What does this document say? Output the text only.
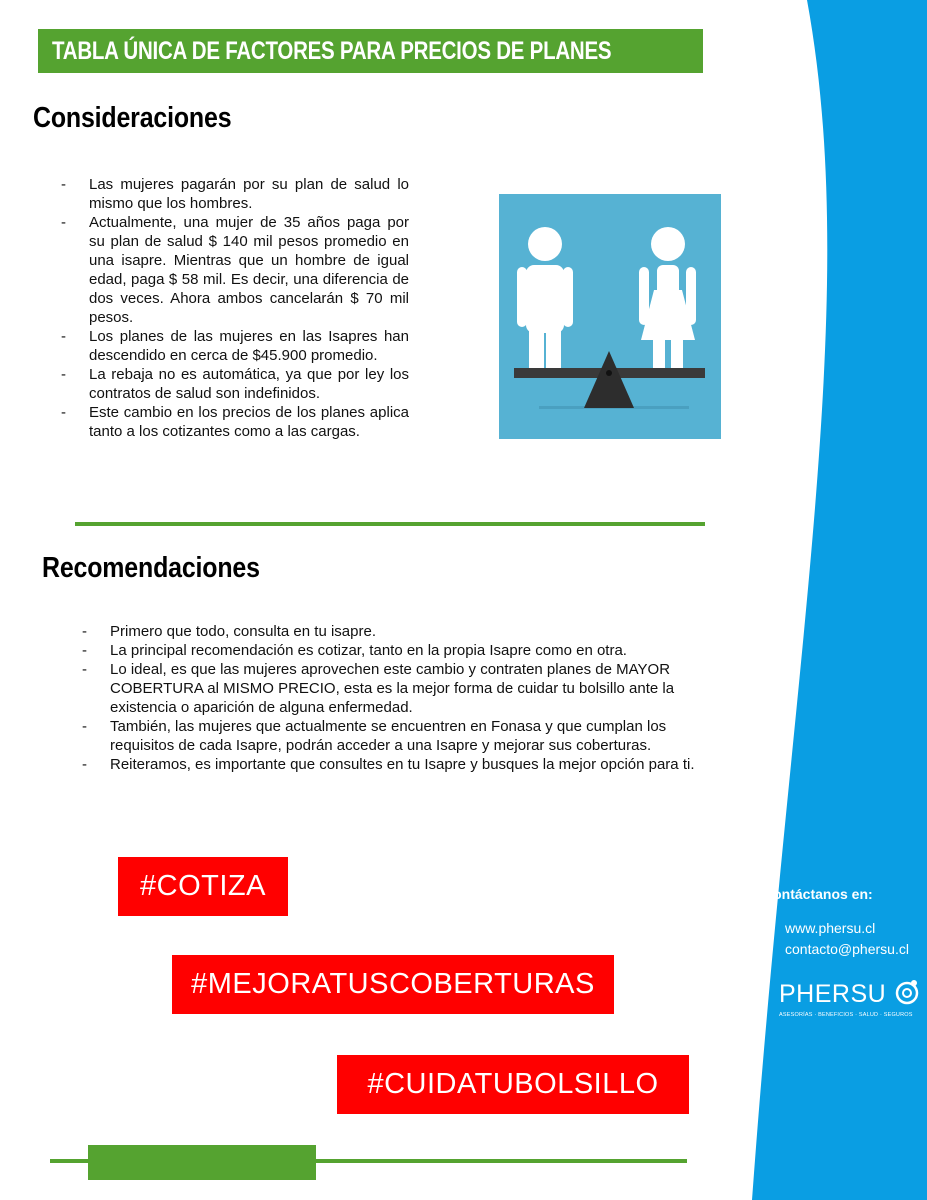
Contáctanos en:
www.phersu.cl
contacto@phersu.cl
PHERSU
ASESORÍAS · BENEFICIOS · SALUD · SEGUROS
TABLA ÚNICA DE FACTORES PARA PRECIOS DE PLANES
Consideraciones
- Las mujeres pagarán por su plan de salud lo mismo que los hombres.
- Actualmente, una mujer de 35 años paga por su plan de salud $ 140 mil pesos promedio en una isapre. Mientras que un hombre de igual edad, paga $ 58 mil. Es decir, una diferencia de dos veces. Ahora ambos cancelarán $ 70 mil pesos.
- Los planes de las mujeres en las Isapres han descendido en cerca de $45.900 promedio.
- La rebaja no es automática, ya que por ley los contratos de salud son indefinidos.
- Este cambio en los precios de los planes aplica tanto a los cotizantes como a las cargas.
Recomendaciones
- Primero que todo, consulta en tu isapre.
- La principal recomendación es cotizar, tanto en la propia Isapre como en otra.
- Lo ideal, es que las mujeres aprovechen este cambio y contraten planes de MAYOR COBERTURA al MISMO PRECIO, esta es la mejor forma de cuidar tu bolsillo ante la existencia o aparición de alguna enfermedad.
- También, las mujeres que actualmente se encuentren en Fonasa y que cumplan los requisitos de cada Isapre, podrán acceder a una Isapre y mejorar sus coberturas.
- Reiteramos, es importante que consultes en tu Isapre y busques la mejor opción para ti.
#COTIZA
#MEJORATUSCOBERTURAS
#CUIDATUBOLSILLO
